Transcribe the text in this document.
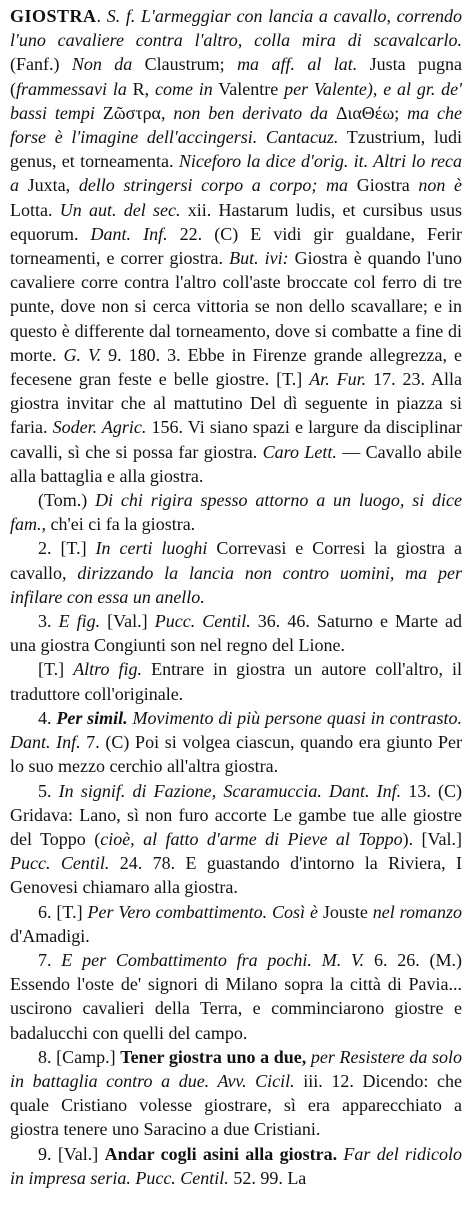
GIOSTRA. S. f. L'armeggiar con lancia a cavallo, correndo l'uno cavaliere contra l'altro, colla mira di scavalcarlo. (Fanf.) Non da Claustrum; ma aff. al lat. Justa pugna (frammessavi la R, come in Valentre per Valente), e al gr. de' bassi tempi Ζῶστρα, non ben derivato da ΔιαΘέω; ma che forse è l'imagine dell'accingersi. Cantacuz. Tzustrium, ludi genus, et torneamenta. Niceforo la dice d'orig. it. Altri lo reca a Juxta, dello stringersi corpo a corpo; ma Giostra non è Lotta. Un aut. del sec. xii. Hastarum ludis, et cursibus usus equorum. Dant. Inf. 22. (C) E vidi gir gualdane, Ferir torneamenti, e correr giostra. But. ivi: Giostra è quando l'uno cavaliere corre contra l'altro coll'aste broccate col ferro di tre punte, dove non si cerca vittoria se non dello scavallare; e in questo è differente dal torneamento, dove si combatte a fine di morte. G. V. 9. 180. 3. Ebbe in Firenze grande allegrezza, e fecesene gran feste e belle giostre. [T.] Ar. Fur. 17. 23. Alla giostra invitar che al mattutino Del dì seguente in piazza si faria. Soder. Agric. 156. Vi siano spazi e largure da disciplinar cavalli, sì che si possa far giostra. Caro Lett. — Cavallo abile alla battaglia e alla giostra.

(Tom.) Di chi rigira spesso attorno a un luogo, si dice fam., ch'ei ci fa la giostra.

2. [T.] In certi luoghi Correvasi e Corresi la giostra a cavallo, dirizzando la lancia non contro uomini, ma per infilare con essa un anello.

3. E fig. [Val.] Pucc. Centil. 36. 46. Saturno e Marte ad una giostra Congiunti son nel regno del Lione.

[T.] Altro fig. Entrare in giostra un autore coll'altro, il traduttore coll'originale.

4. Per simil. Movimento di più persone quasi in contrasto. Dant. Inf. 7. (C) Poi si volgea ciascun, quando era giunto Per lo suo mezzo cerchio all'altra giostra.

5. In signif. di Fazione, Scaramuccia. Dant. Inf. 13. (C) Gridava: Lano, sì non furo accorte Le gambe tue alle giostre del Toppo (cioè, al fatto d'arme di Pieve al Toppo). [Val.] Pucc. Centil. 24. 78. E guastando d'intorno la Riviera, I Genovesi chiamaro alla giostra.

6. [T.] Per Vero combattimento. Così è Jouste nel romanzo d'Amadigi.

7. E per Combattimento fra pochi. M. V. 6. 26. (M.) Essendo l'oste de' signori di Milano sopra la città di Pavia... uscirono cavalieri della Terra, e comminciarono giostre e badalucchi con quelli del campo.

8. [Camp.] Tener giostra uno a due, per Resistere da solo in battaglia contro a due. Avv. Cicil. iii. 12. Dicendo: che quale Cristiano volesse giostrare, sì era apparecchiato a giostra tenere uno Saracino a due Cristiani.

9. [Val.] Andar cogli asini alla giostra. Far del ridicolo in impresa seria. Pucc. Centil. 52. 99. La
